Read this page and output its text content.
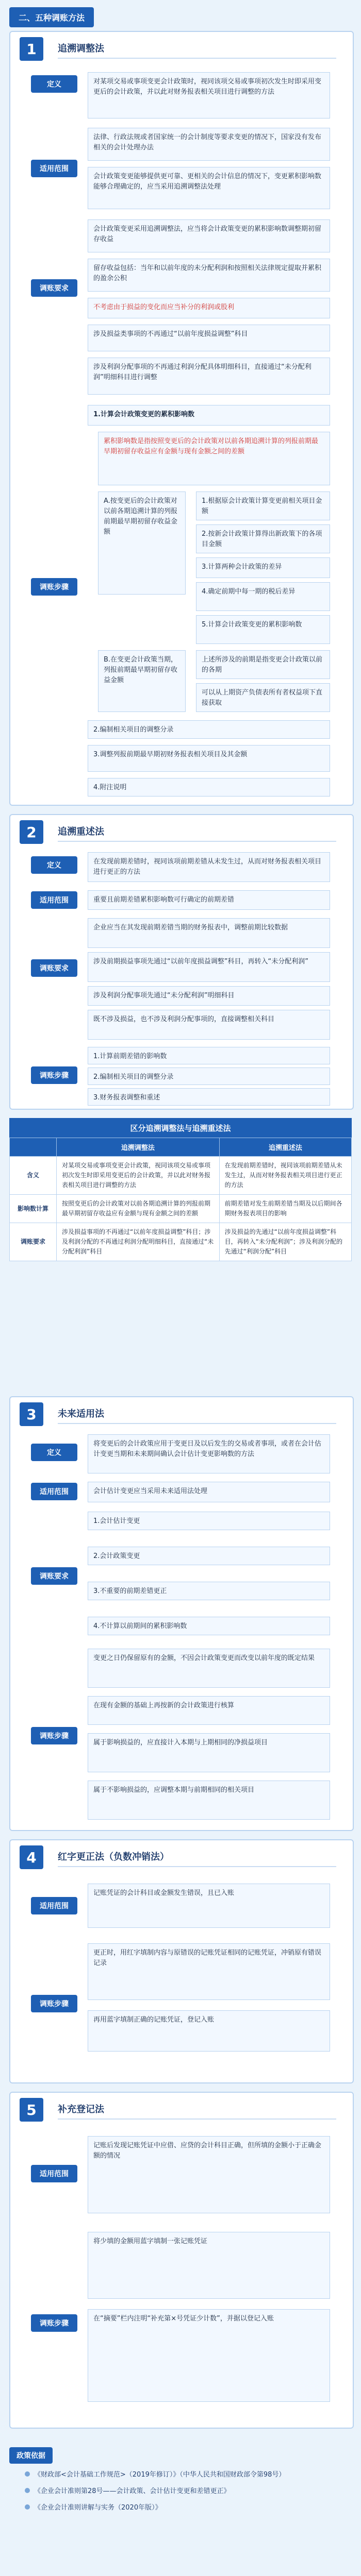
二、五种调账方法
1	追溯调整法
定义	对某项交易或事项变更会计政策时，视同该项交易或事项初次发生时即采用变更后的会计政策，并以此对财务报表相关项目进行调整的方法
适用范围
法律、行政法规或者国家统一的会计制度等要求变更的情况下，国家没有发布相关的会计处理办法
会计政策变更能够提供更可靠、更相关的会计信息的情况下，变更累积影响数能够合理确定的，应当采用追溯调整法处理
调账要求
会计政策变更采用追溯调整法，应当将会计政策变更的累积影响数调整期初留存收益
留存收益包括：当年和以前年度的未分配利润和按照相关法律规定提取并累积的盈余公积
不考虑由于损益的变化而应当补分的利润或股利
涉及损益类事项的不再通过“以前年度损益调整”科目
涉及利润分配事项的不再通过利润分配具体明细科目，直接通过“未分配利润”明细科目进行调整
调账步骤
1.计算会计政策变更的累积影响数
累积影响数是指按照变更后的会计政策对以前各期追溯计算的列报前期最早期初留存收益应有金额与现有金额之间的差额
A.按变更后的会计政策对以前各期追溯计算的列报前期最早期初留存收益金额
1.根据原会计政策计算变更前相关项目金额
2.按新会计政策计算得出新政策下的各项目金额
3.计算两种会计政策的差异
4.确定前期中每一期的税后差异
5.计算会计政策变更的累积影响数
B.在变更会计政策当期，列报前期最早期初留存收益金额
上述所涉及的前期是指变更会计政策以前的各期
可以从上期资产负债表所有者权益项下直接获取
2.编制相关项目的调整分录
3.调整列报前期最早期初财务报表相关项目及其金额
4.附注说明
2	追溯重述法
定义	在发现前期差错时，视同该项前期差错从未发生过，从而对财务报表相关项目进行更正的方法
适用范围	重要且前期差错累积影响数可行确定的前期差错
调账要求
企业应当在其发现前期差错当期的财务报表中，调整前期比较数据
涉及前期损益事项先通过“以前年度损益调整”科目，再转入“未分配利润”
涉及利润分配事项先通过“未分配利润”明细科目
既不涉及损益，也不涉及利润分配事项的，直接调整相关科目
调账步骤
1.计算前期差错的影响数
2.编制相关项目的调整分录
3.财务报表调整和重述
区分追溯调整法与追溯重述法
	追溯调整法	追溯重述法
含义	对某项交易或事项变更会计政策，视同该项交易或事项初次发生时即采用变更后的会计政策，并以此对财务报表相关项目进行调整的方法	在发现前期差错时，视同该项前期差错从未发生过，从而对财务报表相关项目进行更正的方法
影响数计算	按照变更后的会计政策对以前各期追溯计算的列报前期最早期初留存收益应有金额与现有金额之间的差额	前期差错对发生前期差错当期及以后期间各期财务报表项目的影响
调账要求	涉及损益事项的不再通过“以前年度损益调整”科目；涉及利润分配的不再通过利润分配明细科目，直接通过“未分配利润”科目	涉及损益的先通过“以前年度损益调整”科目，再转入“未分配利润”；涉及利润分配的先通过“利润分配”科目
3	未来适用法
定义
将变更后的会计政策应用于变更日及以后发生的交易或者事项，或者在会计估计变更当期和未来期间确认会计估计变更影响数的方法
适用范围	会计估计变更应当采用未来适用法处理
调账要求
1.会计估计变更
2.会计政策变更
3.不重要的前期差错更正
4.不计算以前期间的累积影响数
调账步骤
变更之日仍保留原有的金额，不因会计政策变更而改变以前年度的既定结果
在现有金额的基础上再按新的会计政策进行核算
属于影响损益的，应直接计入本期与上期相同的净损益项目
属于不影响损益的，应调整本期与前期相同的相关项目
4	红字更正法（负数冲销法）
适用范围
记账凭证的会计科目或金额发生错误，且已入账
调账步骤
更正时，用红字填制内容与原错误的记账凭证相同的记账凭证，冲销原有错误记录
再用蓝字填制正确的记账凭证，登记入账
5	补充登记法
适用范围
记账后发现记账凭证中应借、应贷的会计科目正确，但所填的金额小于正确金额的情况
调账步骤
将少填的金额用蓝字填制一张记账凭证
在“摘要”栏内注明“补充第×号凭证少计数”，并据以登记入账
政策依据
《财政部<会计基础工作规范>（2019年修订）》（中华人民共和国财政部令第98号）
《企业会计准则第28号——会计政策、会计估计变更和差错更正》
《企业会计准则讲解与实务（2020年版）》
